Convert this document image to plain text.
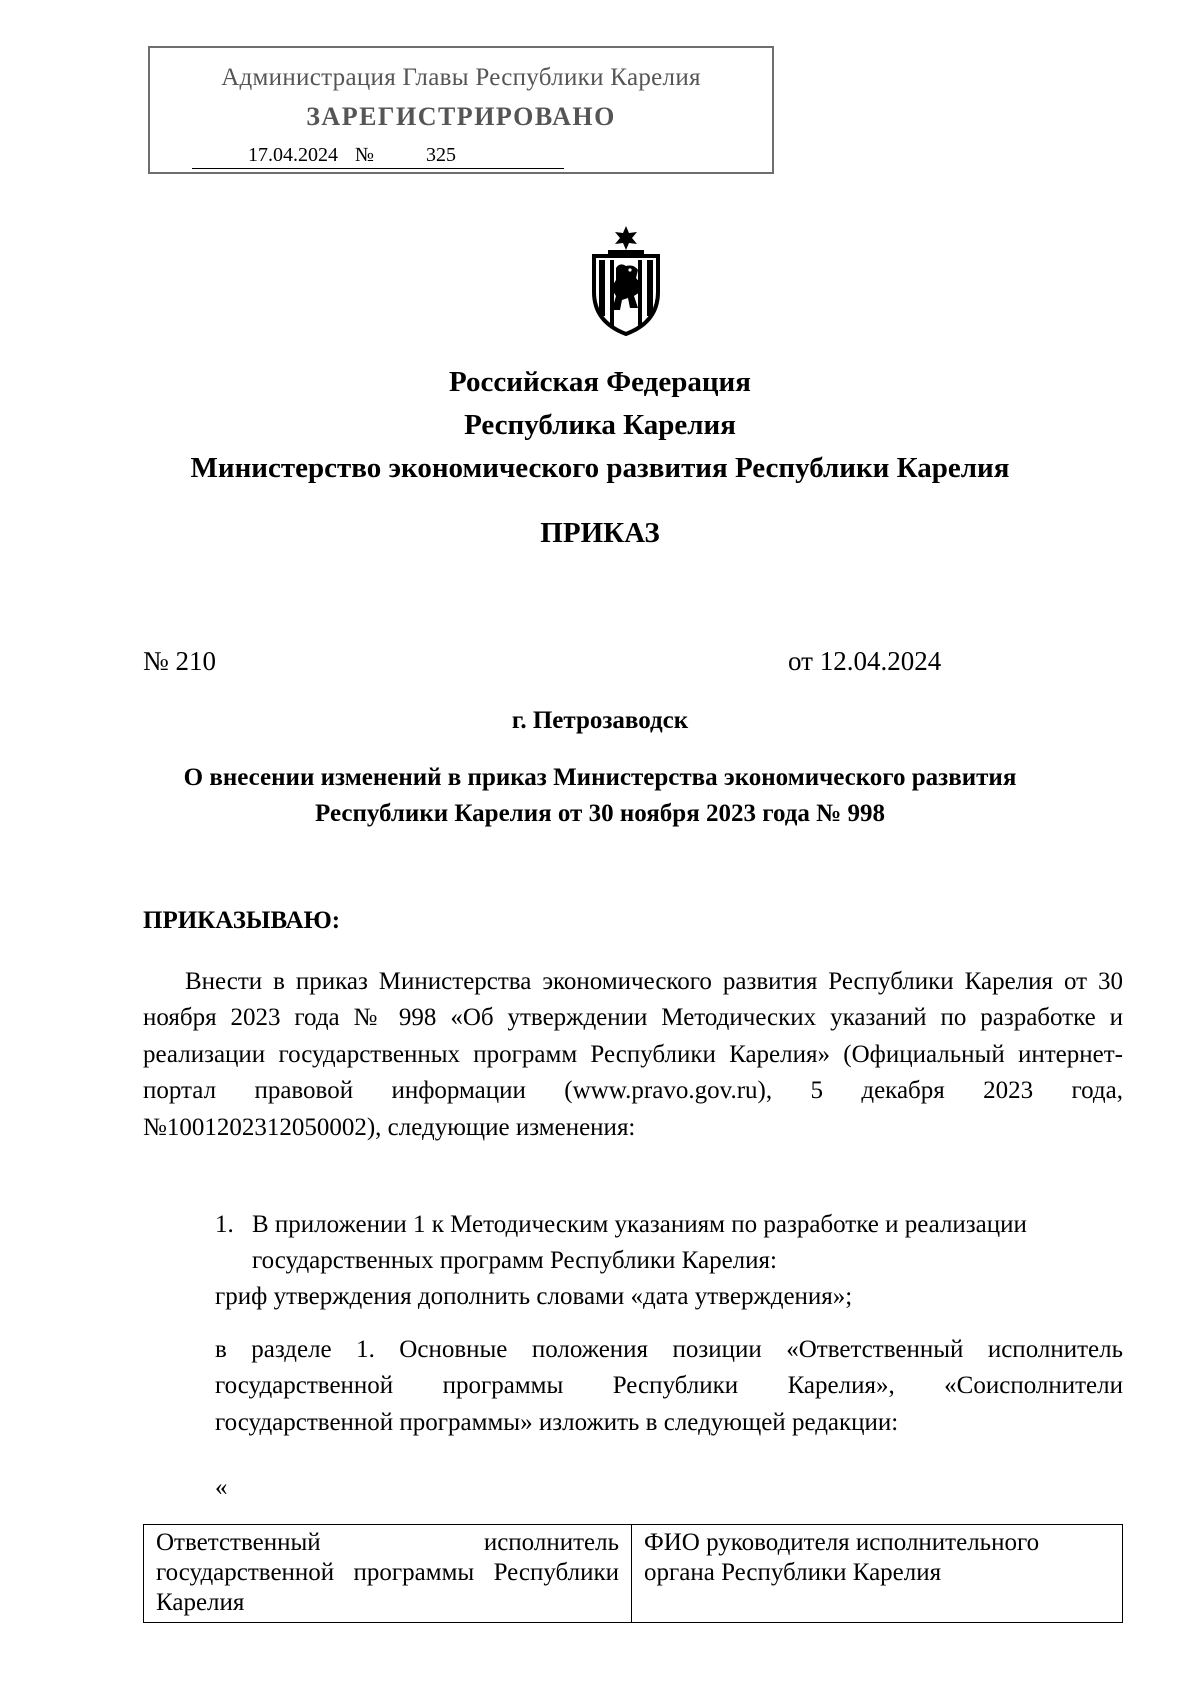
Администрация Главы Республики Карелия
ЗАРЕГИСТРИРОВАНО
17.04.2024 №	325
Российская Федерация
Республика Карелия
Министерство экономического развития Республики Карелия
ПРИКАЗ
№ 210	от 12.04.2024
г. Петрозаводск
О внесении изменений в приказ Министерства экономического развития
Республики Карелия от 30 ноября 2023 года № 998
ПРИКАЗЫВАЮ:
Внести в приказ Министерства экономического развития Республики Карелия от 30 ноября 2023 года № 998 «Об утверждении Методических указаний по разработке и реализации государственных программ Республики Карелия» (Официальный интернет-портал правовой информации (www.pravo.gov.ru), 5 декабря 2023 года, №1001202312050002), следующие изменения:
1. В приложении 1 к Методическим указаниям по разработке и реализации
государственных программ Республики Карелия:
гриф утверждения дополнить словами «дата утверждения»;
в разделе 1. Основные положения позиции «Ответственный исполнитель государственной программы Республики Карелия», «Соисполнители государственной программы» изложить в следующей редакции:
«
Ответственный исполнитель государственной программы Республики Карелия	ФИО руководителя исполнительного органа Республики Карелия
